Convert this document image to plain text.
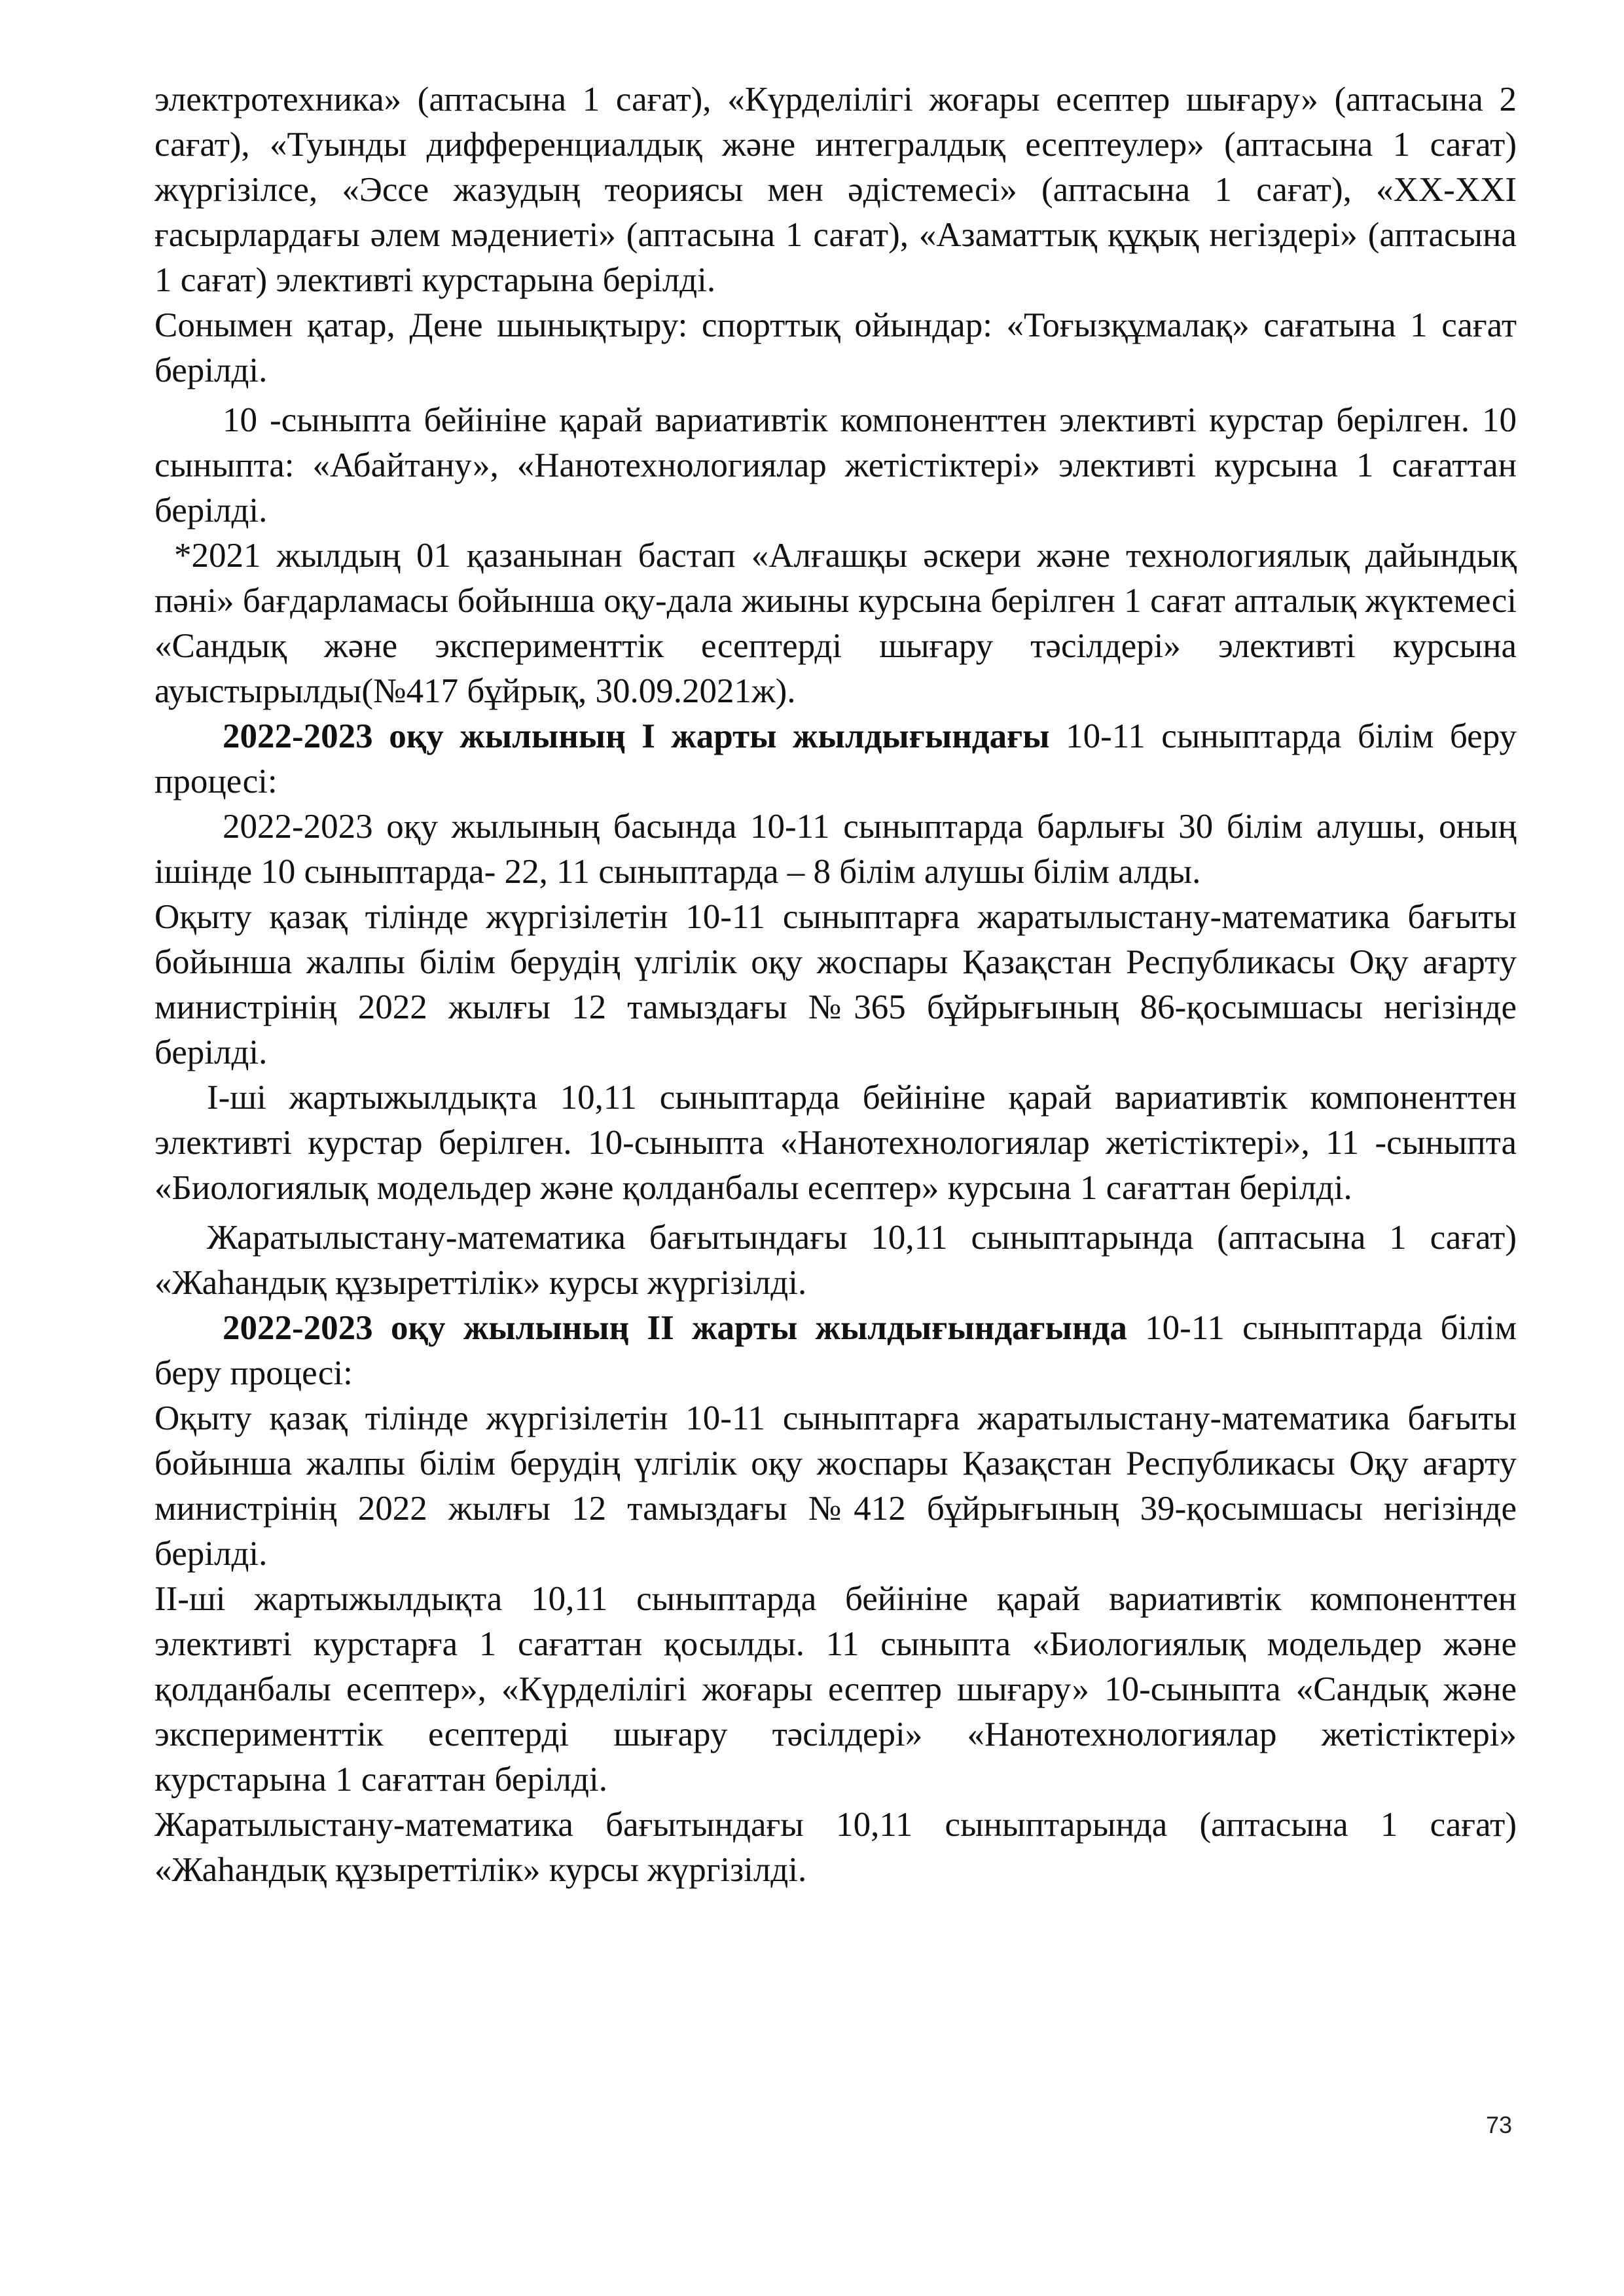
электротехника» (аптасына 1 сағат), «Күрделілігі жоғары есептер шығару» (аптасына 2 сағат), «Туынды дифференциалдық және интегралдық есептеулер» (аптасына 1 сағат) жүргізілсе, «Эссе жазудың теориясы мен әдістемесі» (аптасына 1 сағат), «XX-XXI ғасырлардағы әлем мәдениеті» (аптасына 1 сағат), «Азаматтық құқық негіздері» (аптасына 1 сағат) элективті курстарына берілді.

Сонымен қатар, Дене шынықтыру: спорттық ойындар: «Тоғызқұмалақ» сағатына 1 сағат берілді.

10 -сыныпта бейініне қарай вариативтік компоненттен элективті курстар берілген. 10 сыныпта: «Абайтану», «Нанотехнологиялар жетістіктері» элективті курсына 1 сағаттан берілді.

*2021 жылдың 01 қазанынан бастап «Алғашқы әскери және технологиялық дайындық пәні» бағдарламасы бойынша оқу-дала жиыны курсына берілген 1 сағат апталық жүктемесі «Сандық және эксперименттік есептерді шығару тәсілдері» элективті курсына ауыстырылды(№417 бұйрық, 30.09.2021ж).

2022-2023 оқу жылының І жарты жылдығындағы 10-11 сыныптарда білім беру процесі:

2022-2023 оқу жылының басында 10-11 сыныптарда барлығы 30 білім алушы, оның ішінде 10 сыныптарда- 22, 11 сыныптарда – 8 білім алушы білім алды.

Оқыту қазақ тілінде жүргізілетін 10-11 сыныптарға жаратылыстану-математика бағыты бойынша жалпы білім берудің үлгілік оқу жоспары Қазақстан Республикасы Оқу ағарту министрінің 2022 жылғы 12 тамыздағы №365 бұйрығының 86-қосымшасы негізінде берілді.

І-ші жартыжылдықта 10,11 сыныптарда бейініне қарай вариативтік компоненттен элективті курстар берілген. 10-сыныпта «Нанотехнологиялар жетістіктері», 11 -сыныпта «Биологиялық модельдер және қолданбалы есептер» курсына 1 сағаттан берілді.

Жаратылыстану-математика бағытындағы 10,11 сыныптарында (аптасына 1 сағат) «Жаһандық құзыреттілік» курсы жүргізілді.

2022-2023 оқу жылының ІІ жарты жылдығындағында 10-11 сыныптарда білім беру процесі:

Оқыту қазақ тілінде жүргізілетін 10-11 сыныптарға жаратылыстану-математика бағыты бойынша жалпы білім берудің үлгілік оқу жоспары Қазақстан Республикасы Оқу ағарту министрінің 2022 жылғы 12 тамыздағы №412 бұйрығының 39-қосымшасы негізінде берілді.

ІІ-ші жартыжылдықта 10,11 сыныптарда бейініне қарай вариативтік компоненттен элективті курстарға 1 сағаттан қосылды. 11 сыныпта «Биологиялық модельдер және қолданбалы есептер», «Күрделілігі жоғары есептер шығару» 10-сыныпта «Сандық және эксперименттік есептерді шығару тәсілдері» «Нанотехнологиялар жетістіктері» курстарына 1 сағаттан берілді.

Жаратылыстану-математика бағытындағы 10,11 сыныптарында (аптасына 1 сағат) «Жаһандық құзыреттілік» курсы жүргізілді.

73
